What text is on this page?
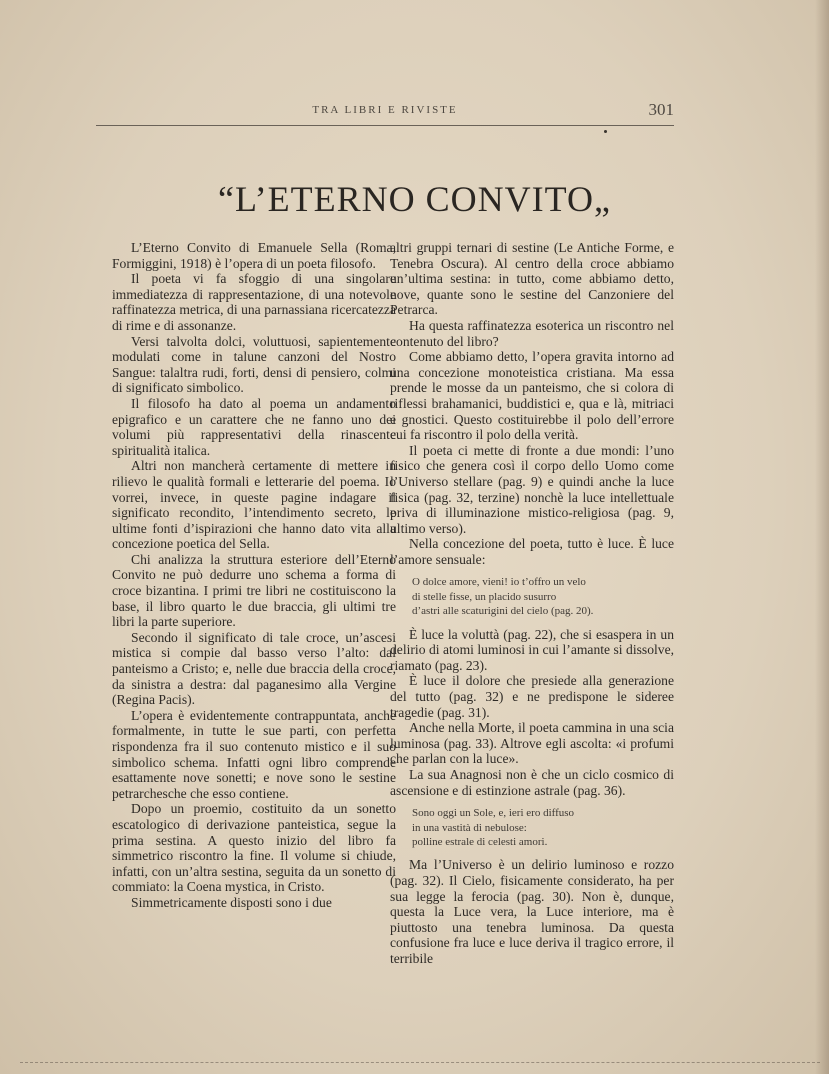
TRA LIBRI E RIVISTE	301
“L’ETERNO CONVITO„

L’Eterno Convito di Emanuele Sella (Roma, Formiggini, 1918) è l’opera di un poeta filosofo.

Il poeta vi fa sfoggio di una singolare immediatezza di rappresentazione, di una notevole raffinatezza metrica, di una parnassiana ricercatezza di rime e di assonanze.

Versi talvolta dolci, voluttuosi, sapientemente modulati come in talune canzoni del Nostro Sangue: talaltra rudi, forti, densi di pensiero, colmi di significato simbolico.

Il filosofo ha dato al poema un andamento epigrafico e un carattere che ne fanno uno dei volumi più rappresentativi della rinascente spiritualità italica.

Altri non mancherà certamente di mettere in rilievo le qualità formali e letterarie del poema. Io vorrei, invece, in queste pagine indagare il significato recondito, l’intendimento secreto, le ultime fonti d’ispirazioni che hanno dato vita alla concezione poetica del Sella.

Chi analizza la struttura esteriore dell’Eterno Convito ne può dedurre uno schema a forma di croce bizantina. I primi tre libri ne costituiscono la base, il libro quarto le due braccia, gli ultimi tre libri la parte superiore.

Secondo il significato di tale croce, un’ascesi mistica si compie dal basso verso l’alto: dal panteismo a Cristo; e, nelle due braccia della croce, da sinistra a destra: dal paganesimo alla Vergine (Regina Pacis).

L’opera è evidentemente contrappuntata, anche formalmente, in tutte le sue parti, con perfetta rispondenza fra il suo contenuto mistico e il suo simbolico schema. Infatti ogni libro comprende esattamente nove sonetti; e nove sono le sestine petrarchesche che esso contiene.

Dopo un proemio, costituito da un sonetto escatologico di derivazione panteistica, segue la prima sestina. A questo inizio del libro fa simmetrico riscontro la fine. Il volume si chiude, infatti, con un’altra sestina, seguita da un sonetto di commiato: la Coena mystica, in Cristo.

Simmetricamente disposti sono i due

altri gruppi ternari di sestine (Le Antiche Forme, e Tenebra Oscura). Al centro della croce abbiamo un’ultima sestina: in tutto, come abbiamo detto, nove, quante sono le sestine del Canzoniere del Petrarca.

Ha questa raffinatezza esoterica un riscontro nel contenuto del libro?

Come abbiamo detto, l’opera gravita intorno ad una concezione monoteistica cristiana. Ma essa prende le mosse da un panteismo, che si colora di riflessi brahamanici, buddistici e, qua e là, mitriaci e gnostici. Questo costituirebbe il polo dell’errore cui fa riscontro il polo della verità.

Il poeta ci mette di fronte a due mondi: l’uno fisico che genera così il corpo dello Uomo come l’Universo stellare (pag. 9) e quindi anche la luce fisica (pag. 32, terzine) nonchè la luce intellettuale priva di illuminazione mistico-religiosa (pag. 9, ultimo verso).

Nella concezione del poeta, tutto è luce. È luce l’amore sensuale:

O dolce amore, vieni! io t’offro un velo
di stelle fisse, un placido susurro
d’astri alle scaturigini del cielo (pag. 20).

È luce la voluttà (pag. 22), che si esaspera in un delirio di atomi luminosi in cui l’amante si dissolve, riamato (pag. 23).

È luce il dolore che presiede alla generazione del tutto (pag. 32) e ne predispone le sideree tragedie (pag. 31).

Anche nella Morte, il poeta cammina in una scia luminosa (pag. 33). Altrove egli ascolta: «i profumi che parlan con la luce».

La sua Anagnosi non è che un ciclo cosmico di ascensione e di estinzione astrale (pag. 36).

Sono oggi un Sole, e, ieri ero diffuso
in una vastità di nebulose:
polline estrale di celesti amori.

Ma l’Universo è un delirio luminoso e rozzo (pag. 32). Il Cielo, fisicamente considerato, ha per sua legge la ferocia (pag. 30). Non è, dunque, questa la Luce vera, la Luce interiore, ma è piuttosto una tenebra luminosa. Da questa confusione fra luce e luce deriva il tragico errore, il terribile
